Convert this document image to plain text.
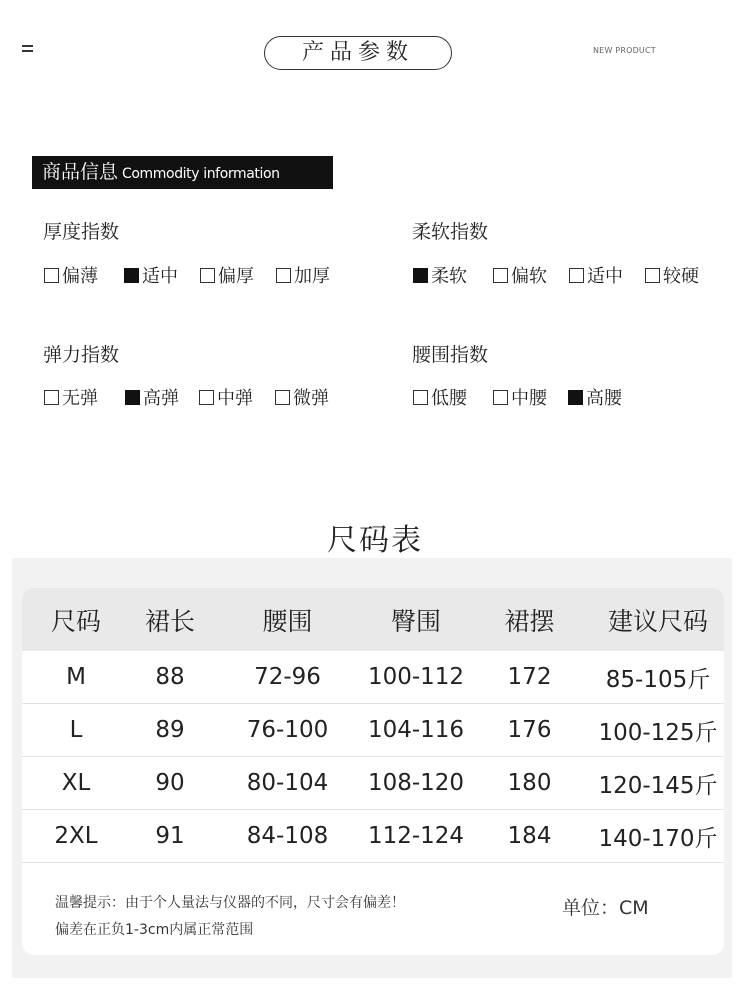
产品参数	NEW PRODUCT
商品信息 Commodity information
厚度指数
偏薄 适中 偏厚 加厚
柔软指数
柔软 偏软 适中 较硬
弹力指数
无弹	高弹 中弹 微弹
腰围指数
低腰 中腰 高腰
尺码表
尺码	裙长	腰围	臀围	裙摆	建议尺码
M	88	72-96	100-112	172	85-105斤
L	89	76-100	104-116	176	100-125斤
XL	90	80-104	108-120	180	120-145斤
2XL	91	84-108	112-124	184	140-170斤
温馨提示：由于个人量法与仪器的不同，尺寸会有偏差！
偏差在正负1-3cm内属正常范围
单位：CM
